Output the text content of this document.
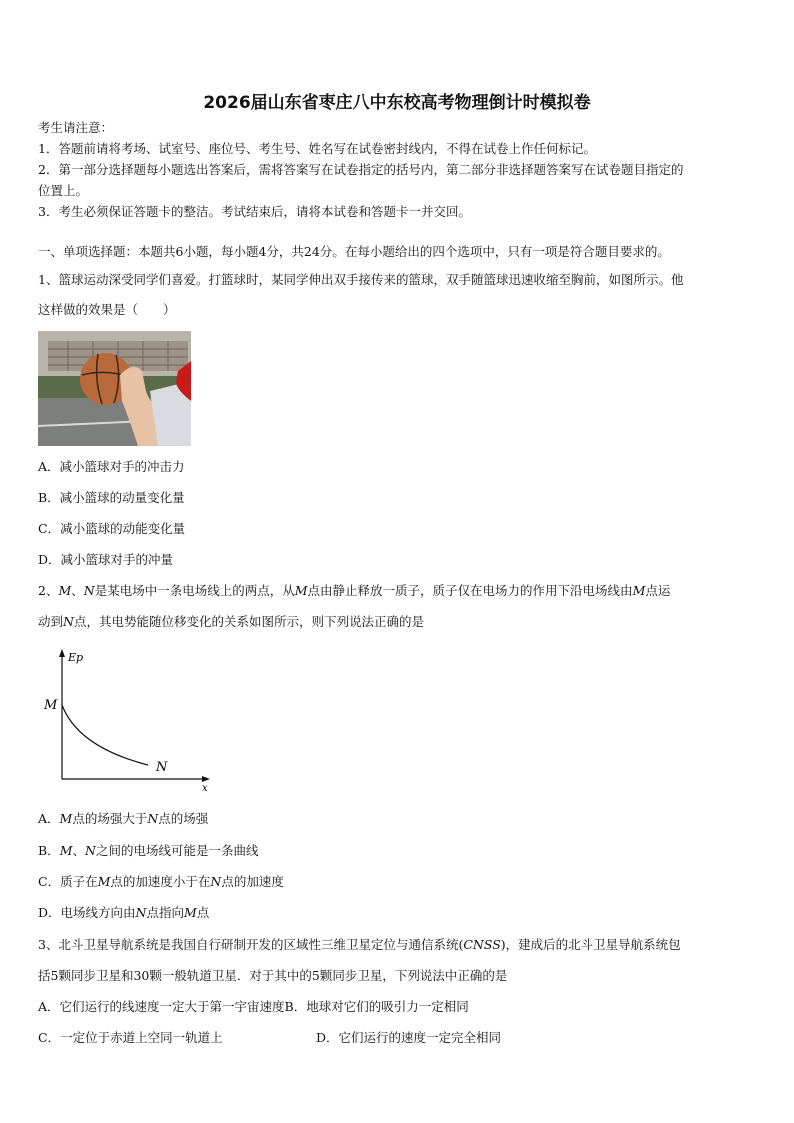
2026届山东省枣庄八中东校高考物理倒计时模拟卷
考生请注意：
1．答题前请将考场、试室号、座位号、考生号、姓名写在试卷密封线内，不得在试卷上作任何标记。
2．第一部分选择题每小题选出答案后，需将答案写在试卷指定的括号内，第二部分非选择题答案写在试卷题目指定的
位置上。
3．考生必须保证答题卡的整洁。考试结束后，请将本试卷和答题卡一并交回。
一、单项选择题：本题共6小题，每小题4分，共24分。在每小题给出的四个选项中，只有一项是符合题目要求的。
1、篮球运动深受同学们喜爱。打篮球时，某同学伸出双手接传来的篮球，双手随篮球迅速收缩至胸前，如图所示。他
这样做的效果是（　　）
A．减小篮球对手的冲击力
B．减小篮球的动量变化量
C．减小篮球的动能变化量
D．减小篮球对手的冲量
2、M、N是某电场中一条电场线上的两点，从M点由静止释放一质子，质子仅在电场力的作用下沿电场线由M点运
动到N点，其电势能随位移变化的关系如图所示，则下列说法正确的是
Ep
x
M
N
A．M点的场强大于N点的场强
B．M、N之间的电场线可能是一条曲线
C．质子在M点的加速度小于在N点的加速度
D．电场线方向由N点指向M点
3、北斗卫星导航系统是我国自行研制开发的区域性三维卫星定位与通信系统(CNSS)，建成后的北斗卫星导航系统包
括5颗同步卫星和30颗一般轨道卫星．对于其中的5颗同步卫星，下列说法中正确的是
A．它们运行的线速度一定大于第一宇宙速度B．地球对它们的吸引力一定相同
C．一定位于赤道上空同一轨道上	D．它们运行的速度一定完全相同
